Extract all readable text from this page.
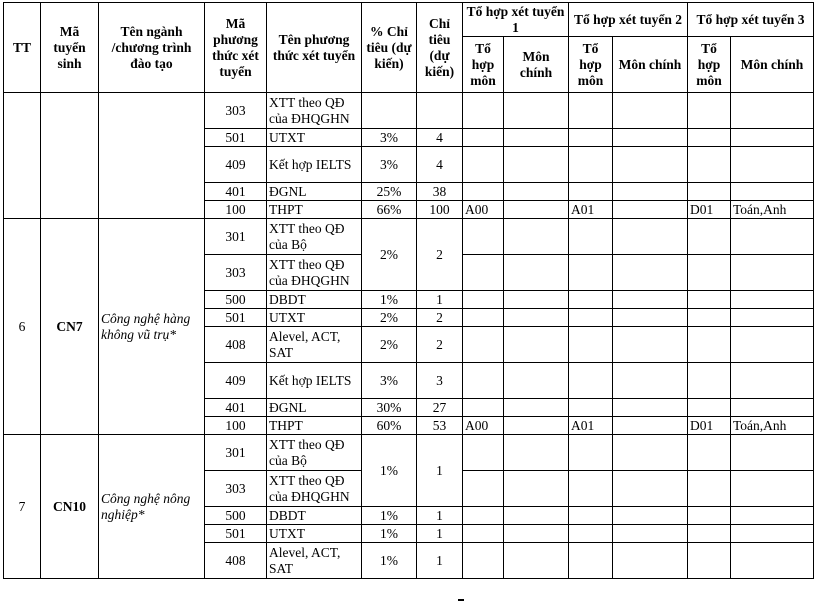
TT	Mã tuyển sinh	Tên ngành /chương trình đào tạo	Mã phương thức xét tuyển	Tên phương thức xét tuyển	% Chỉ tiêu (dự kiến)	Chỉ tiêu (dự kiến)	Tổ hợp xét tuyển 1		Tổ hợp xét tuyển 2		Tổ hợp xét tuyển 3	
							Tổ hợp môn	Môn chính	Tổ hợp môn	Môn chính	Tổ hợp môn	Môn chính
			303	XTT theo QĐ của ĐHQGHN								
			501	UTXT	3%	4						
			409	Kết hợp IELTS	3%	4						
			401	ĐGNL	25%	38						
			100	THPT	66%	100	A00		A01		D01	Toán,Anh
6	CN7	Công nghệ hàng không vũ trụ*	301	XTT theo QĐ của Bộ	2%	2						
			303	XTT theo QĐ của ĐHQGHN								
			500	DBDT	1%	1						
			501	UTXT	2%	2						
			408	Alevel, ACT, SAT	2%	2						
			409	Kết hợp IELTS	3%	3						
			401	ĐGNL	30%	27						
			100	THPT	60%	53	A00		A01		D01	Toán,Anh
7	CN10	Công nghệ nông nghiệp*	301	XTT theo QĐ của Bộ	1%	1						
			303	XTT theo QĐ của ĐHQGHN								
			500	DBDT	1%	1						
			501	UTXT	1%	1						
			408	Alevel, ACT, SAT	1%	1						
